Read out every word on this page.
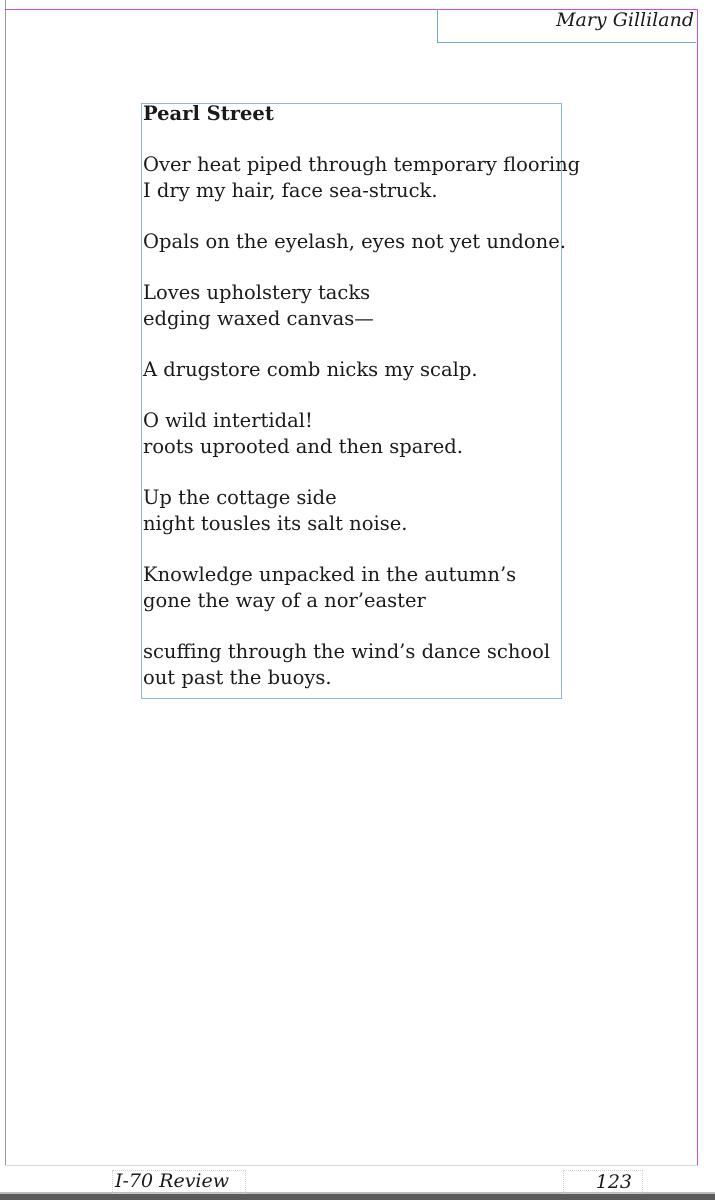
Mary Gilliland
Pearl Street
Over heat piped through temporary flooring
I dry my hair, face sea-struck.
Opals on the eyelash, eyes not yet undone.
Loves upholstery tacks
edging waxed canvas—
A drugstore comb nicks my scalp.
O wild intertidal!
roots uprooted and then spared.
Up the cottage side
night tousles its salt noise.
Knowledge unpacked in the autumn’s
gone the way of a nor’easter
scuffing through the wind’s dance school
out past the buoys.
I-70 Review	123
